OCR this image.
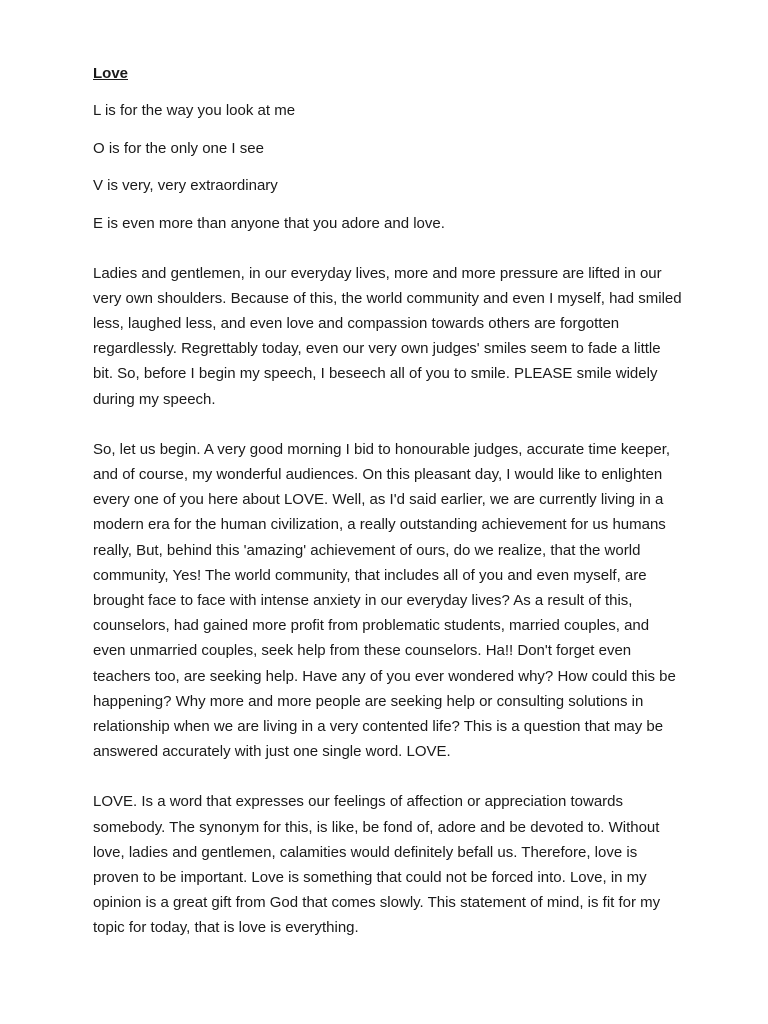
Love

L is for the way you look at me

O is for the only one I see

V is very, very extraordinary

E is even more than anyone that you adore and love.

Ladies and gentlemen, in our everyday lives, more and more pressure are lifted in our very own shoulders. Because of this, the world community and even I myself, had smiled less, laughed less, and even love and compassion towards others are forgotten regardlessly. Regrettably today, even our very own judges' smiles seem to fade a little bit. So, before I begin my speech, I beseech all of you to smile. PLEASE smile widely during my speech.

So, let us begin. A very good morning I bid to honourable judges, accurate time keeper, and of course, my wonderful audiences. On this pleasant day, I would like to enlighten every one of you here about LOVE. Well, as I'd said earlier, we are currently living in a modern era for the human civilization, a really outstanding achievement for us humans really, But, behind this 'amazing' achievement of ours, do we realize, that the world community, Yes! The world community, that includes all of you and even myself, are brought face to face with intense anxiety in our everyday lives? As a result of this, counselors, had gained more profit from problematic students, married couples, and even unmarried couples, seek help from these counselors. Ha!! Don't forget even teachers too, are seeking help. Have any of you ever wondered why? How could this be happening? Why more and more people are seeking help or consulting solutions in relationship when we are living in a very contented life? This is a question that may be answered accurately with just one single word. LOVE.

LOVE. Is a word that expresses our feelings of affection or appreciation towards somebody. The synonym for this, is like, be fond of, adore and be devoted to. Without love, ladies and gentlemen, calamities would definitely befall us. Therefore, love is proven to be important. Love is something that could not be forced into. Love, in my opinion is a great gift from God that comes slowly. This statement of mind, is fit for my topic for today, that is love is everything.
